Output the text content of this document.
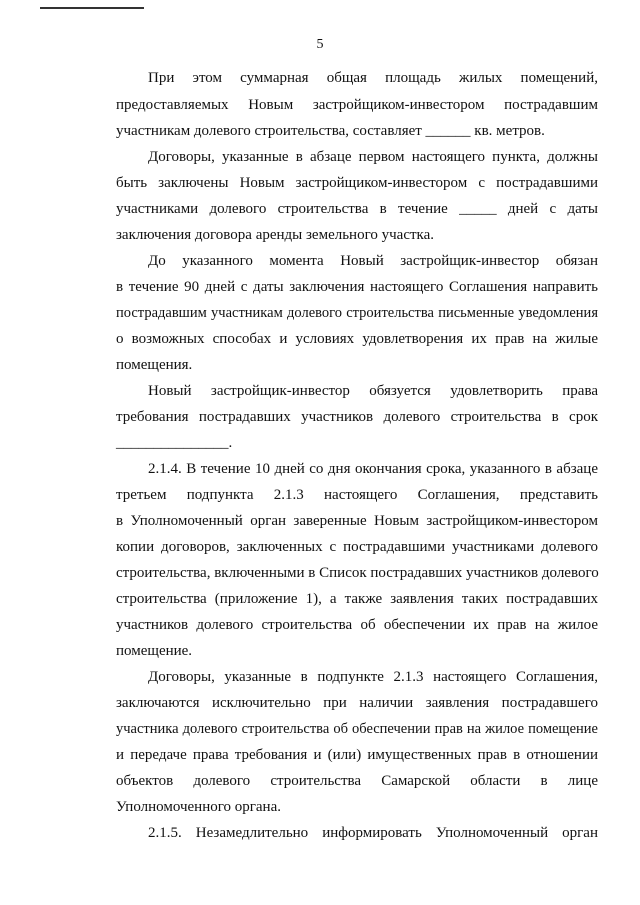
5
При этом суммарная общая площадь жилых помещений,
предоставляемых Новым застройщиком-инвестором пострадавшим
участникам долевого строительства, составляет ______ кв. метров.
Договоры, указанные в абзаце первом настоящего пункта, должны
быть заключены Новым застройщиком-инвестором с пострадавшими
участниками долевого строительства в течение _____ дней с даты
заключения договора аренды земельного участка.
До указанного момента Новый застройщик-инвестор обязан
в течение 90 дней с даты заключения настоящего Соглашения направить
пострадавшим участникам долевого строительства письменные уведомления
о возможных способах и условиях удовлетворения их прав на жилые
помещения.
Новый застройщик-инвестор обязуется удовлетворить права
требования пострадавших участников долевого строительства в срок
_______________.
2.1.4. В течение 10 дней со дня окончания срока, указанного в абзаце
третьем подпункта 2.1.3 настоящего Соглашения, представить
в Уполномоченный орган заверенные Новым застройщиком-инвестором
копии договоров, заключенных с пострадавшими участниками долевого
строительства, включенными в Список пострадавших участников долевого
строительства (приложение 1), а также заявления таких пострадавших
участников долевого строительства об обеспечении их прав на жилое
помещение.
Договоры, указанные в подпункте 2.1.3 настоящего Соглашения,
заключаются исключительно при наличии заявления пострадавшего
участника долевого строительства об обеспечении прав на жилое помещение
и передаче права требования и (или) имущественных прав в отношении
объектов долевого строительства Самарской области в лице
Уполномоченного органа.
2.1.5. Незамедлительно информировать Уполномоченный орган
